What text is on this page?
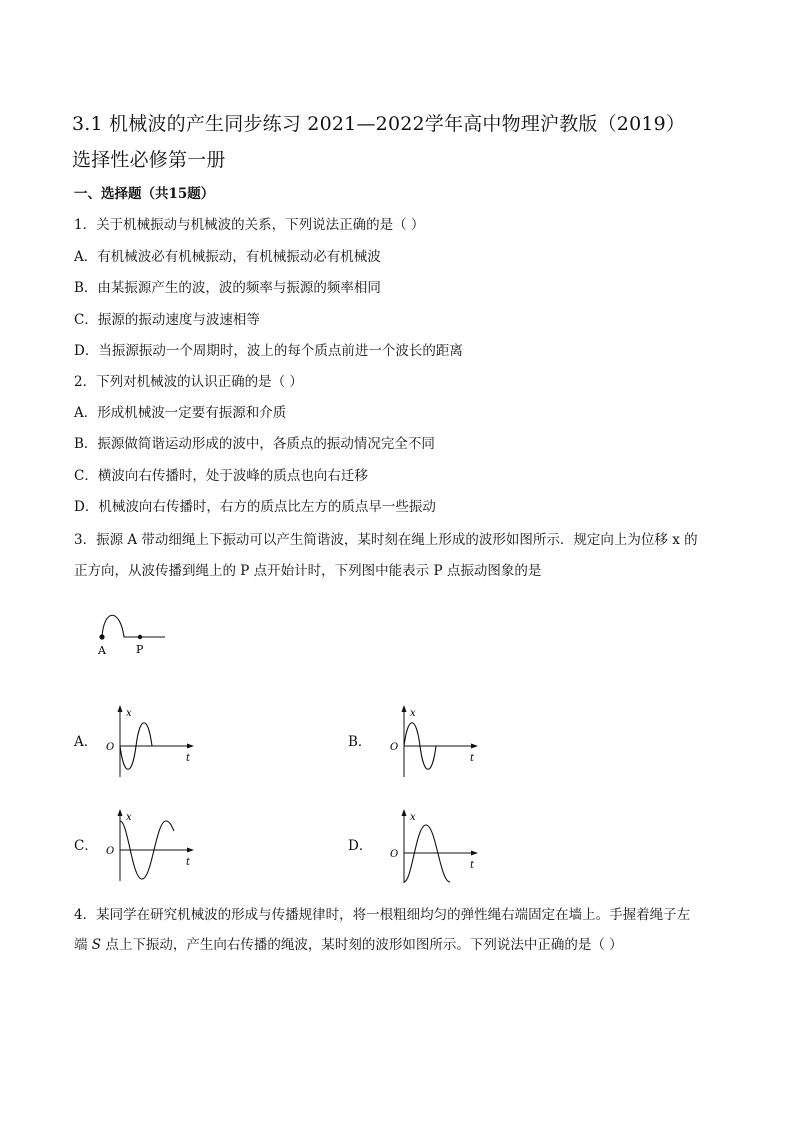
3.1 机械波的产生同步练习 2021—2022学年高中物理沪教版（2019）
选择性必修第一册
一、选择题（共15题）
1．关于机械振动与机械波的关系，下列说法正确的是（ ）
A．有机械波必有机械振动，有机械振动必有机械波
B．由某振源产生的波，波的频率与振源的频率相同
C．振源的振动速度与波速相等
D．当振源振动一个周期时，波上的每个质点前进一个波长的距离
2．下列对机械波的认识正确的是（ ）
A．形成机械波一定要有振源和介质
B．振源做简谐运动形成的波中，各质点的振动情况完全不同
C．横波向右传播时，处于波峰的质点也向右迁移
D．机械波向右传播时，右方的质点比左方的质点早一些振动
3．振源 A 带动细绳上下振动可以产生简谐波，某时刻在绳上形成的波形如图所示．规定向上为位移 x 的
正方向，从波传播到绳上的 P 点开始计时，下列图中能表示 P 点振动图象的是
A	P
A．
x
O
t
B．
x
O
t
C．
x
O
t
D．
x
O
t
4．某同学在研究机械波的形成与传播规律时，将一根粗细均匀的弹性绳右端固定在墙上。手握着绳子左
端 S 点上下振动，产生向右传播的绳波，某时刻的波形如图所示。下列说法中正确的是（ ）
